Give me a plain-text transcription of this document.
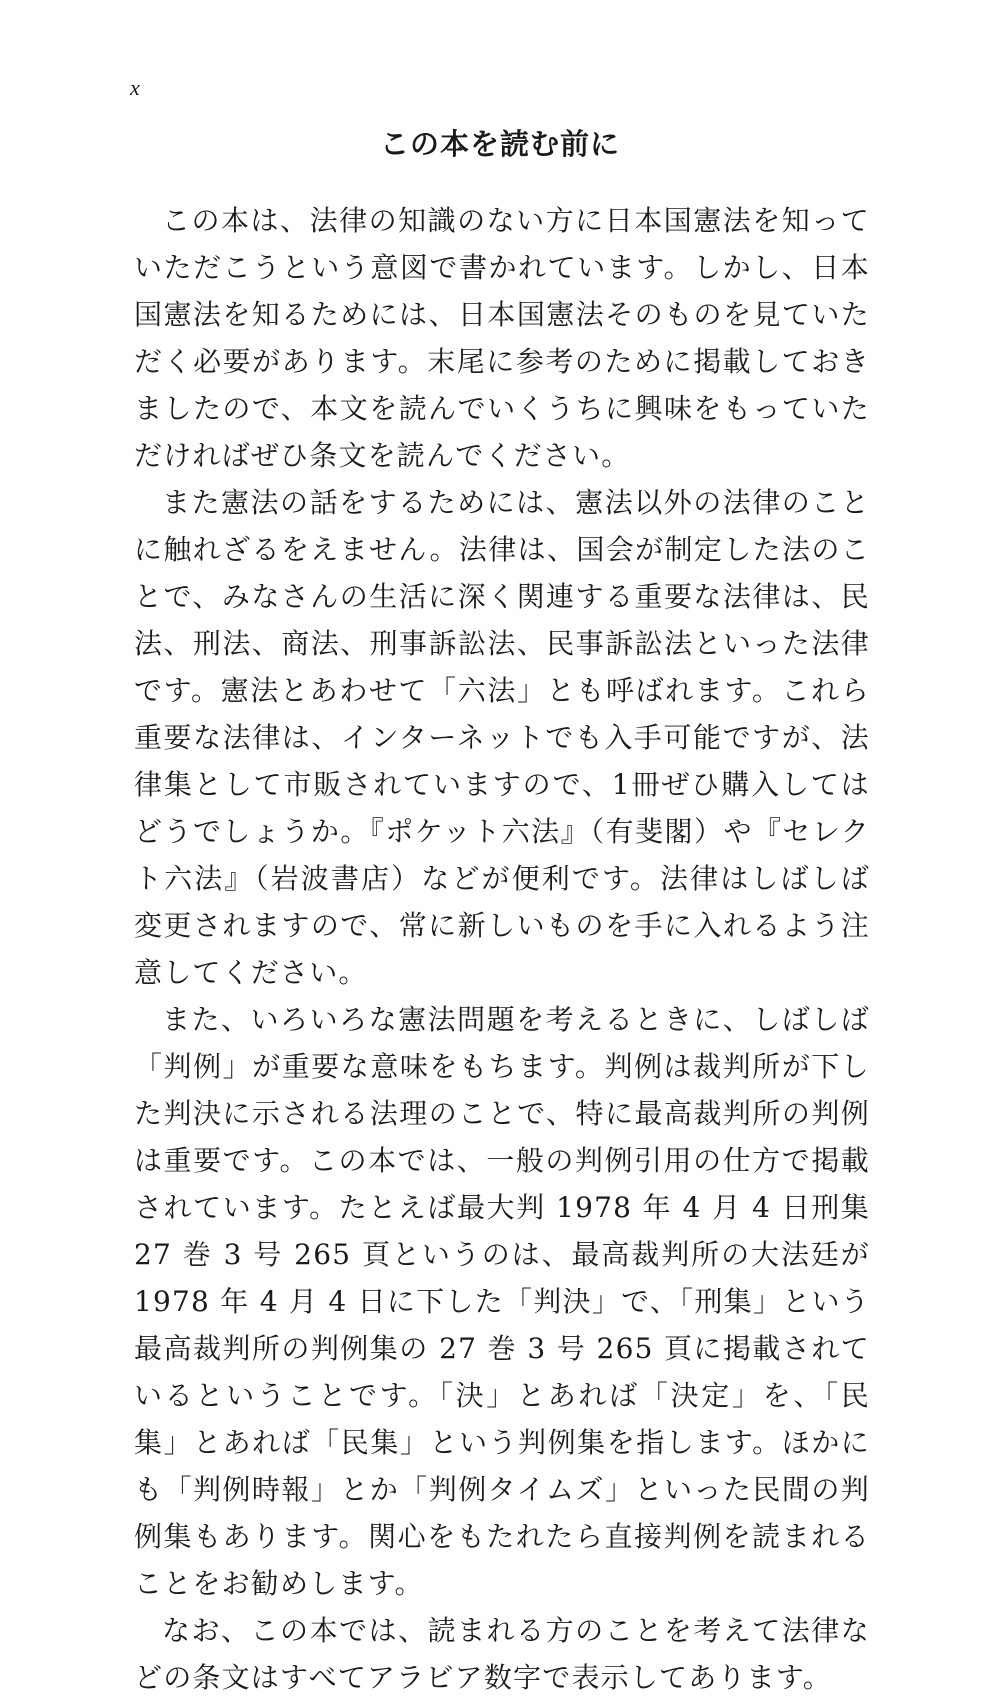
x
この本を読む前に

この本は、法律の知識のない方に日本国憲法を知っていただこうという意図で書かれています。しかし、日本国憲法を知るためには、日本国憲法そのものを見ていただく必要があります。末尾に参考のために掲載しておきましたので、本文を読んでいくうちに興味をもっていただければぜひ条文を読んでください。

また憲法の話をするためには、憲法以外の法律のことに触れざるをえません。法律は、国会が制定した法のことで、みなさんの生活に深く関連する重要な法律は、民法、刑法、商法、刑事訴訟法、民事訴訟法といった法律です。憲法とあわせて「六法」とも呼ばれます。これら重要な法律は、インターネットでも入手可能ですが、法律集として市販されていますので、1冊ぜひ購入してはどうでしょうか。『ポケット六法』（有斐閣）や『セレクト六法』（岩波書店）などが便利です。法律はしばしば変更されますので、常に新しいものを手に入れるよう注意してください。

また、いろいろな憲法問題を考えるときに、しばしば「判例」が重要な意味をもちます。判例は裁判所が下した判決に示される法理のことで、特に最高裁判所の判例は重要です。この本では、一般の判例引用の仕方で掲載されています。たとえば最大判 1978 年 4 月 4 日刑集 27 巻 3 号 265 頁というのは、最高裁判所の大法廷が 1978 年 4 月 4 日に下した「判決」で、「刑集」という最高裁判所の判例集の 27 巻 3 号 265 頁に掲載されているということです。「決」とあれば「決定」を、「民集」とあれば「民集」という判例集を指します。ほかにも「判例時報」とか「判例タイムズ」といった民間の判例集もあります。関心をもたれたら直接判例を読まれることをお勧めします。

なお、この本では、読まれる方のことを考えて法律などの条文はすべてアラビア数字で表示してあります。
